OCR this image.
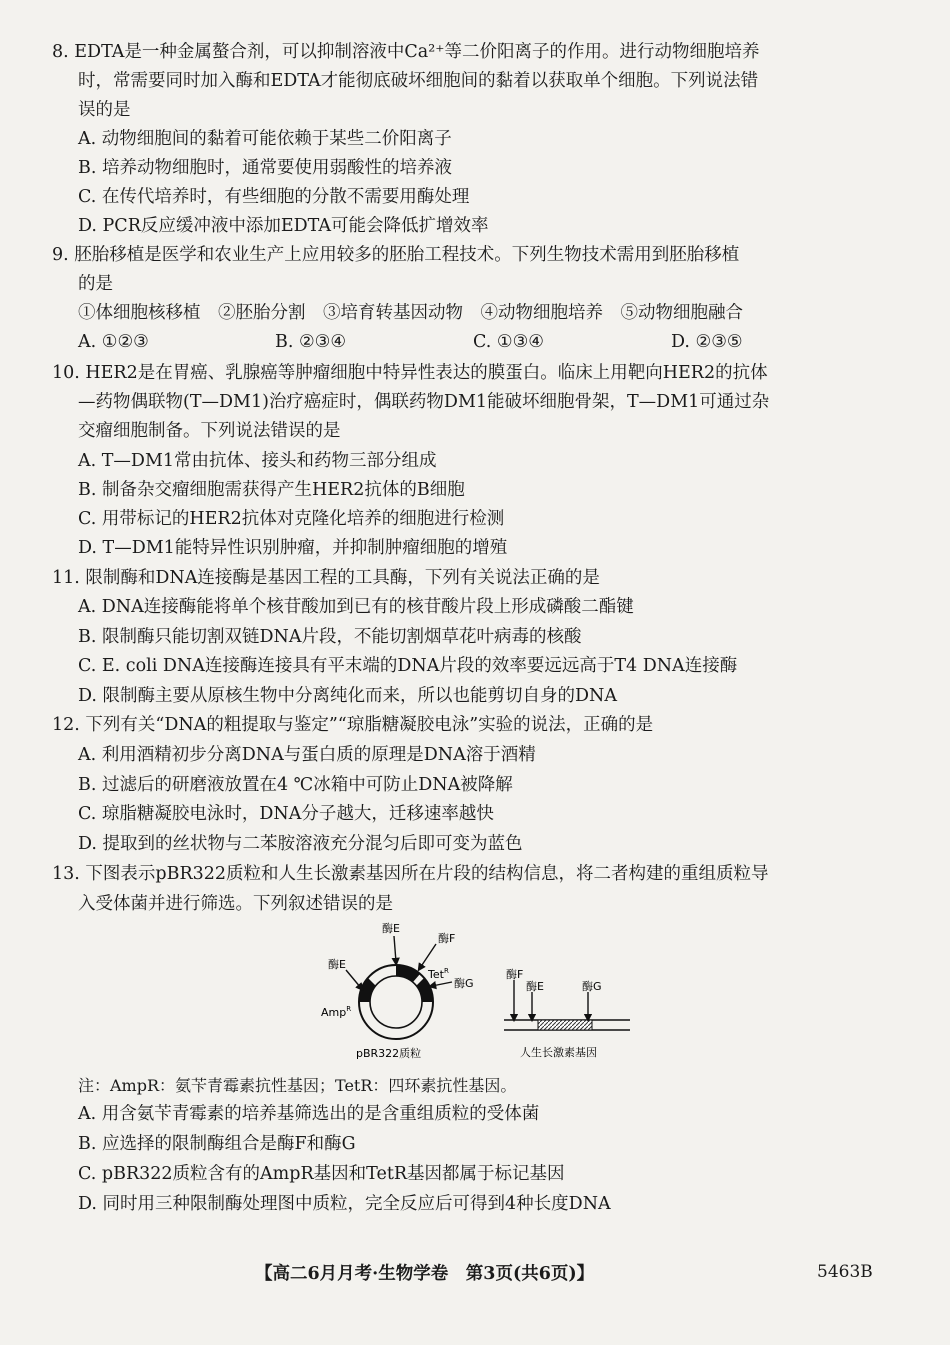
8. EDTA是一种金属螯合剂，可以抑制溶液中Ca²⁺等二价阳离子的作用。进行动物细胞培养
时，常需要同时加入酶和EDTA才能彻底破坏细胞间的黏着以获取单个细胞。下列说法错
误的是
A. 动物细胞间的黏着可能依赖于某些二价阳离子
B. 培养动物细胞时，通常要使用弱酸性的培养液
C. 在传代培养时，有些细胞的分散不需要用酶处理
D. PCR反应缓冲液中添加EDTA可能会降低扩增效率
9. 胚胎移植是医学和农业生产上应用较多的胚胎工程技术。下列生物技术需用到胚胎移植
的是
①体细胞核移植　②胚胎分割　③培育转基因动物　④动物细胞培养　⑤动物细胞融合
A. ①②③	B. ②③④	C. ①③④	D. ②③⑤
10. HER2是在胃癌、乳腺癌等肿瘤细胞中特异性表达的膜蛋白。临床上用靶向HER2的抗体
—药物偶联物(T—DM1)治疗癌症时，偶联药物DM1能破坏细胞骨架，T—DM1可通过杂
交瘤细胞制备。下列说法错误的是
A. T—DM1常由抗体、接头和药物三部分组成
B. 制备杂交瘤细胞需获得产生HER2抗体的B细胞
C. 用带标记的HER2抗体对克隆化培养的细胞进行检测
D. T—DM1能特异性识别肿瘤，并抑制肿瘤细胞的增殖
11. 限制酶和DNA连接酶是基因工程的工具酶，下列有关说法正确的是
A. DNA连接酶能将单个核苷酸加到已有的核苷酸片段上形成磷酸二酯键
B. 限制酶只能切割双链DNA片段，不能切割烟草花叶病毒的核酸
C. E. coli DNA连接酶连接具有平末端的DNA片段的效率要远远高于T4 DNA连接酶
D. 限制酶主要从原核生物中分离纯化而来，所以也能剪切自身的DNA
12. 下列有关“DNA的粗提取与鉴定”“琼脂糖凝胶电泳”实验的说法，正确的是
A. 利用酒精初步分离DNA与蛋白质的原理是DNA溶于酒精
B. 过滤后的研磨液放置在4 ℃冰箱中可防止DNA被降解
C. 琼脂糖凝胶电泳时，DNA分子越大，迁移速率越快
D. 提取到的丝状物与二苯胺溶液充分混匀后即可变为蓝色
13. 下图表示pBR322质粒和人生长激素基因所在片段的结构信息，将二者构建的重组质粒导
入受体菌并进行筛选。下列叙述错误的是
酶E
酶F
酶G
酶E
Tet$^R$
Amp$^R$
pBR322质粒
酶F
酶E	酶G
人生长激素基因
注：AmpR：氨苄青霉素抗性基因；TetR：四环素抗性基因。
A. 用含氨苄青霉素的培养基筛选出的是含重组质粒的受体菌
B. 应选择的限制酶组合是酶F和酶G
C. pBR322质粒含有的AmpR基因和TetR基因都属于标记基因
D. 同时用三种限制酶处理图中质粒，完全反应后可得到4种长度DNA
【高二6月月考·生物学卷　第3页(共6页)】	5463B
